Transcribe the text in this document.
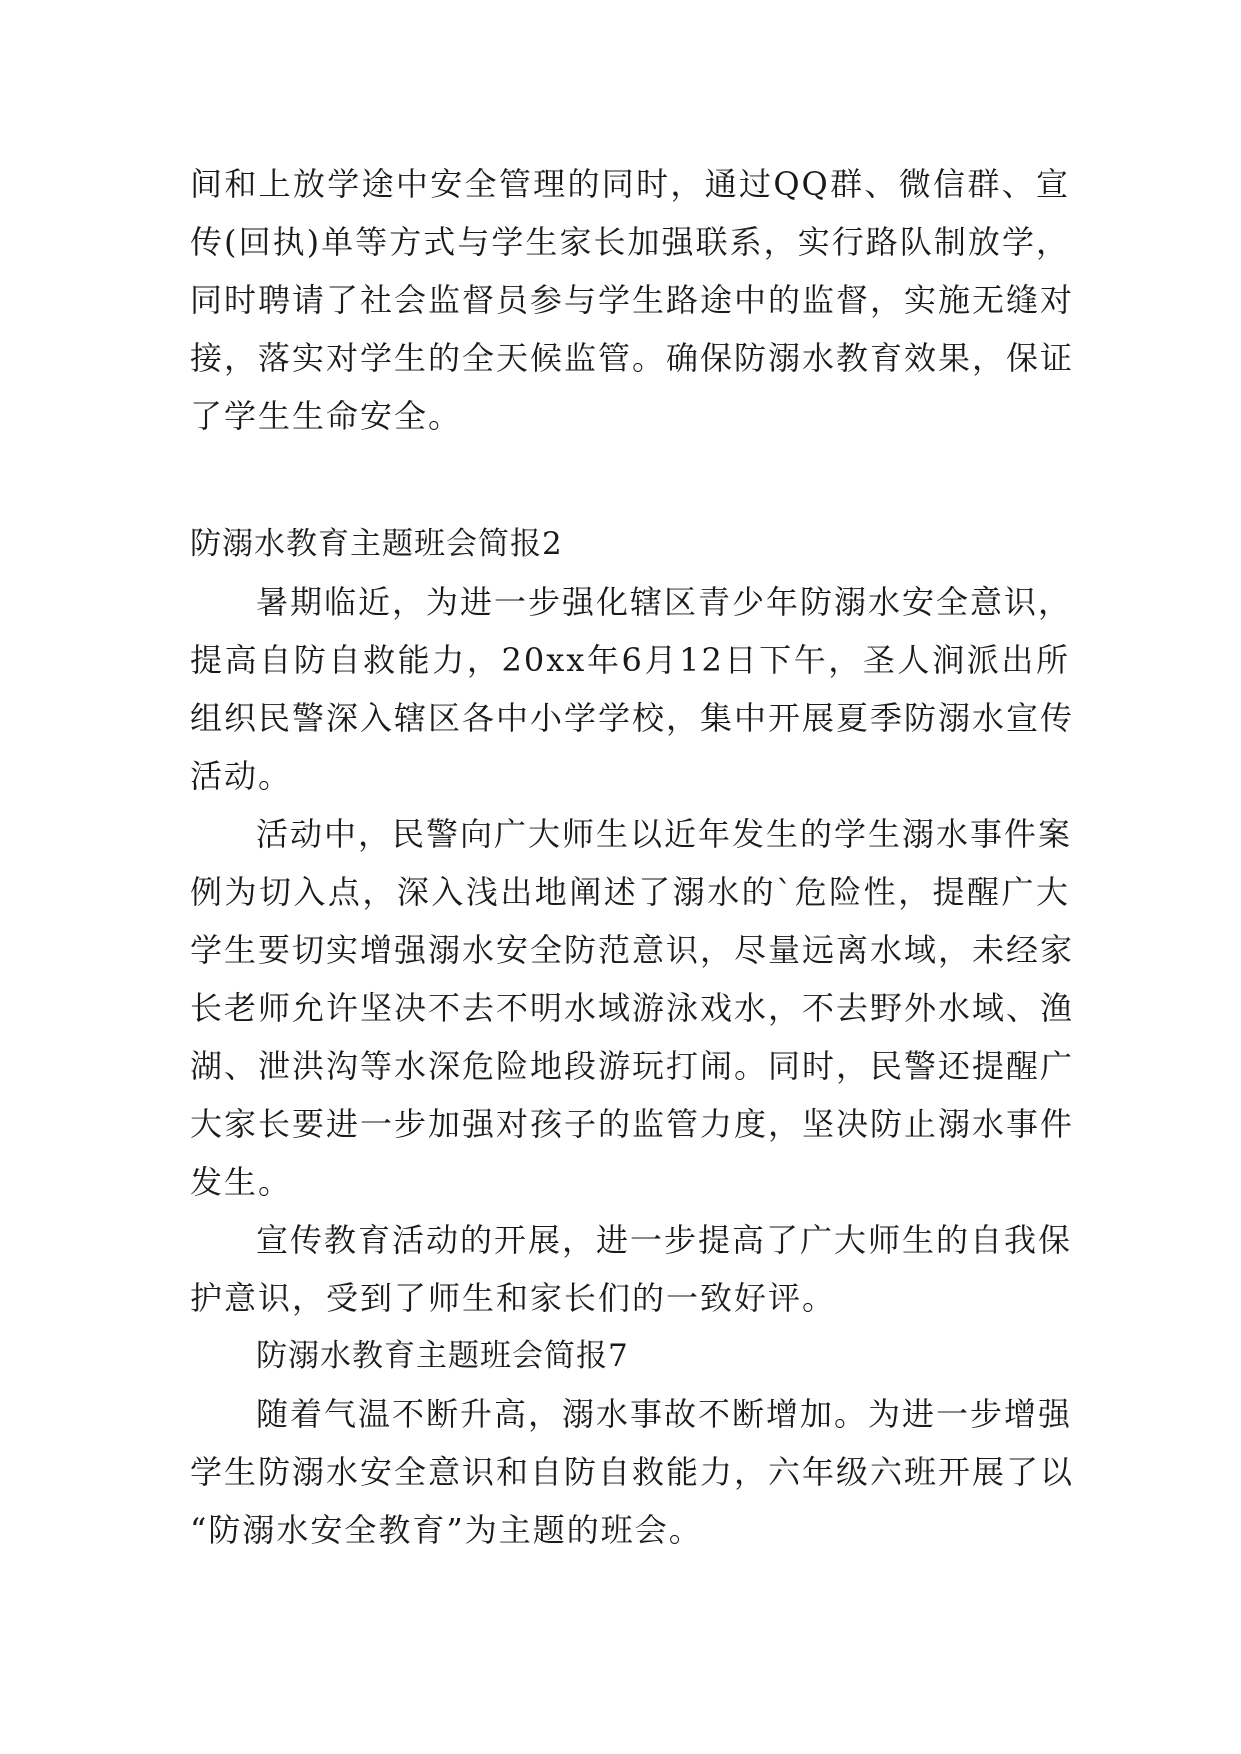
间和上放学途中安全管理的同时，通过QQ群、微信群、宣
传(回执)单等方式与学生家长加强联系，实行路队制放学，
同时聘请了社会监督员参与学生路途中的监督，实施无缝对
接，落实对学生的全天候监管。确保防溺水教育效果，保证
了学生生命安全。
防溺水教育主题班会简报2
暑期临近，为进一步强化辖区青少年防溺水安全意识，
提高自防自救能力，20xx年6月12日下午，圣人涧派出所
组织民警深入辖区各中小学学校，集中开展夏季防溺水宣传
活动。
活动中，民警向广大师生以近年发生的学生溺水事件案
例为切入点，深入浅出地阐述了溺水的`危险性，提醒广大
学生要切实增强溺水安全防范意识，尽量远离水域，未经家
长老师允许坚决不去不明水域游泳戏水，不去野外水域、渔
湖、泄洪沟等水深危险地段游玩打闹。同时，民警还提醒广
大家长要进一步加强对孩子的监管力度，坚决防止溺水事件
发生。
宣传教育活动的开展，进一步提高了广大师生的自我保
护意识，受到了师生和家长们的一致好评。
防溺水教育主题班会简报7
随着气温不断升高，溺水事故不断增加。为进一步增强
学生防溺水安全意识和自防自救能力，六年级六班开展了以
“防溺水安全教育”为主题的班会。
